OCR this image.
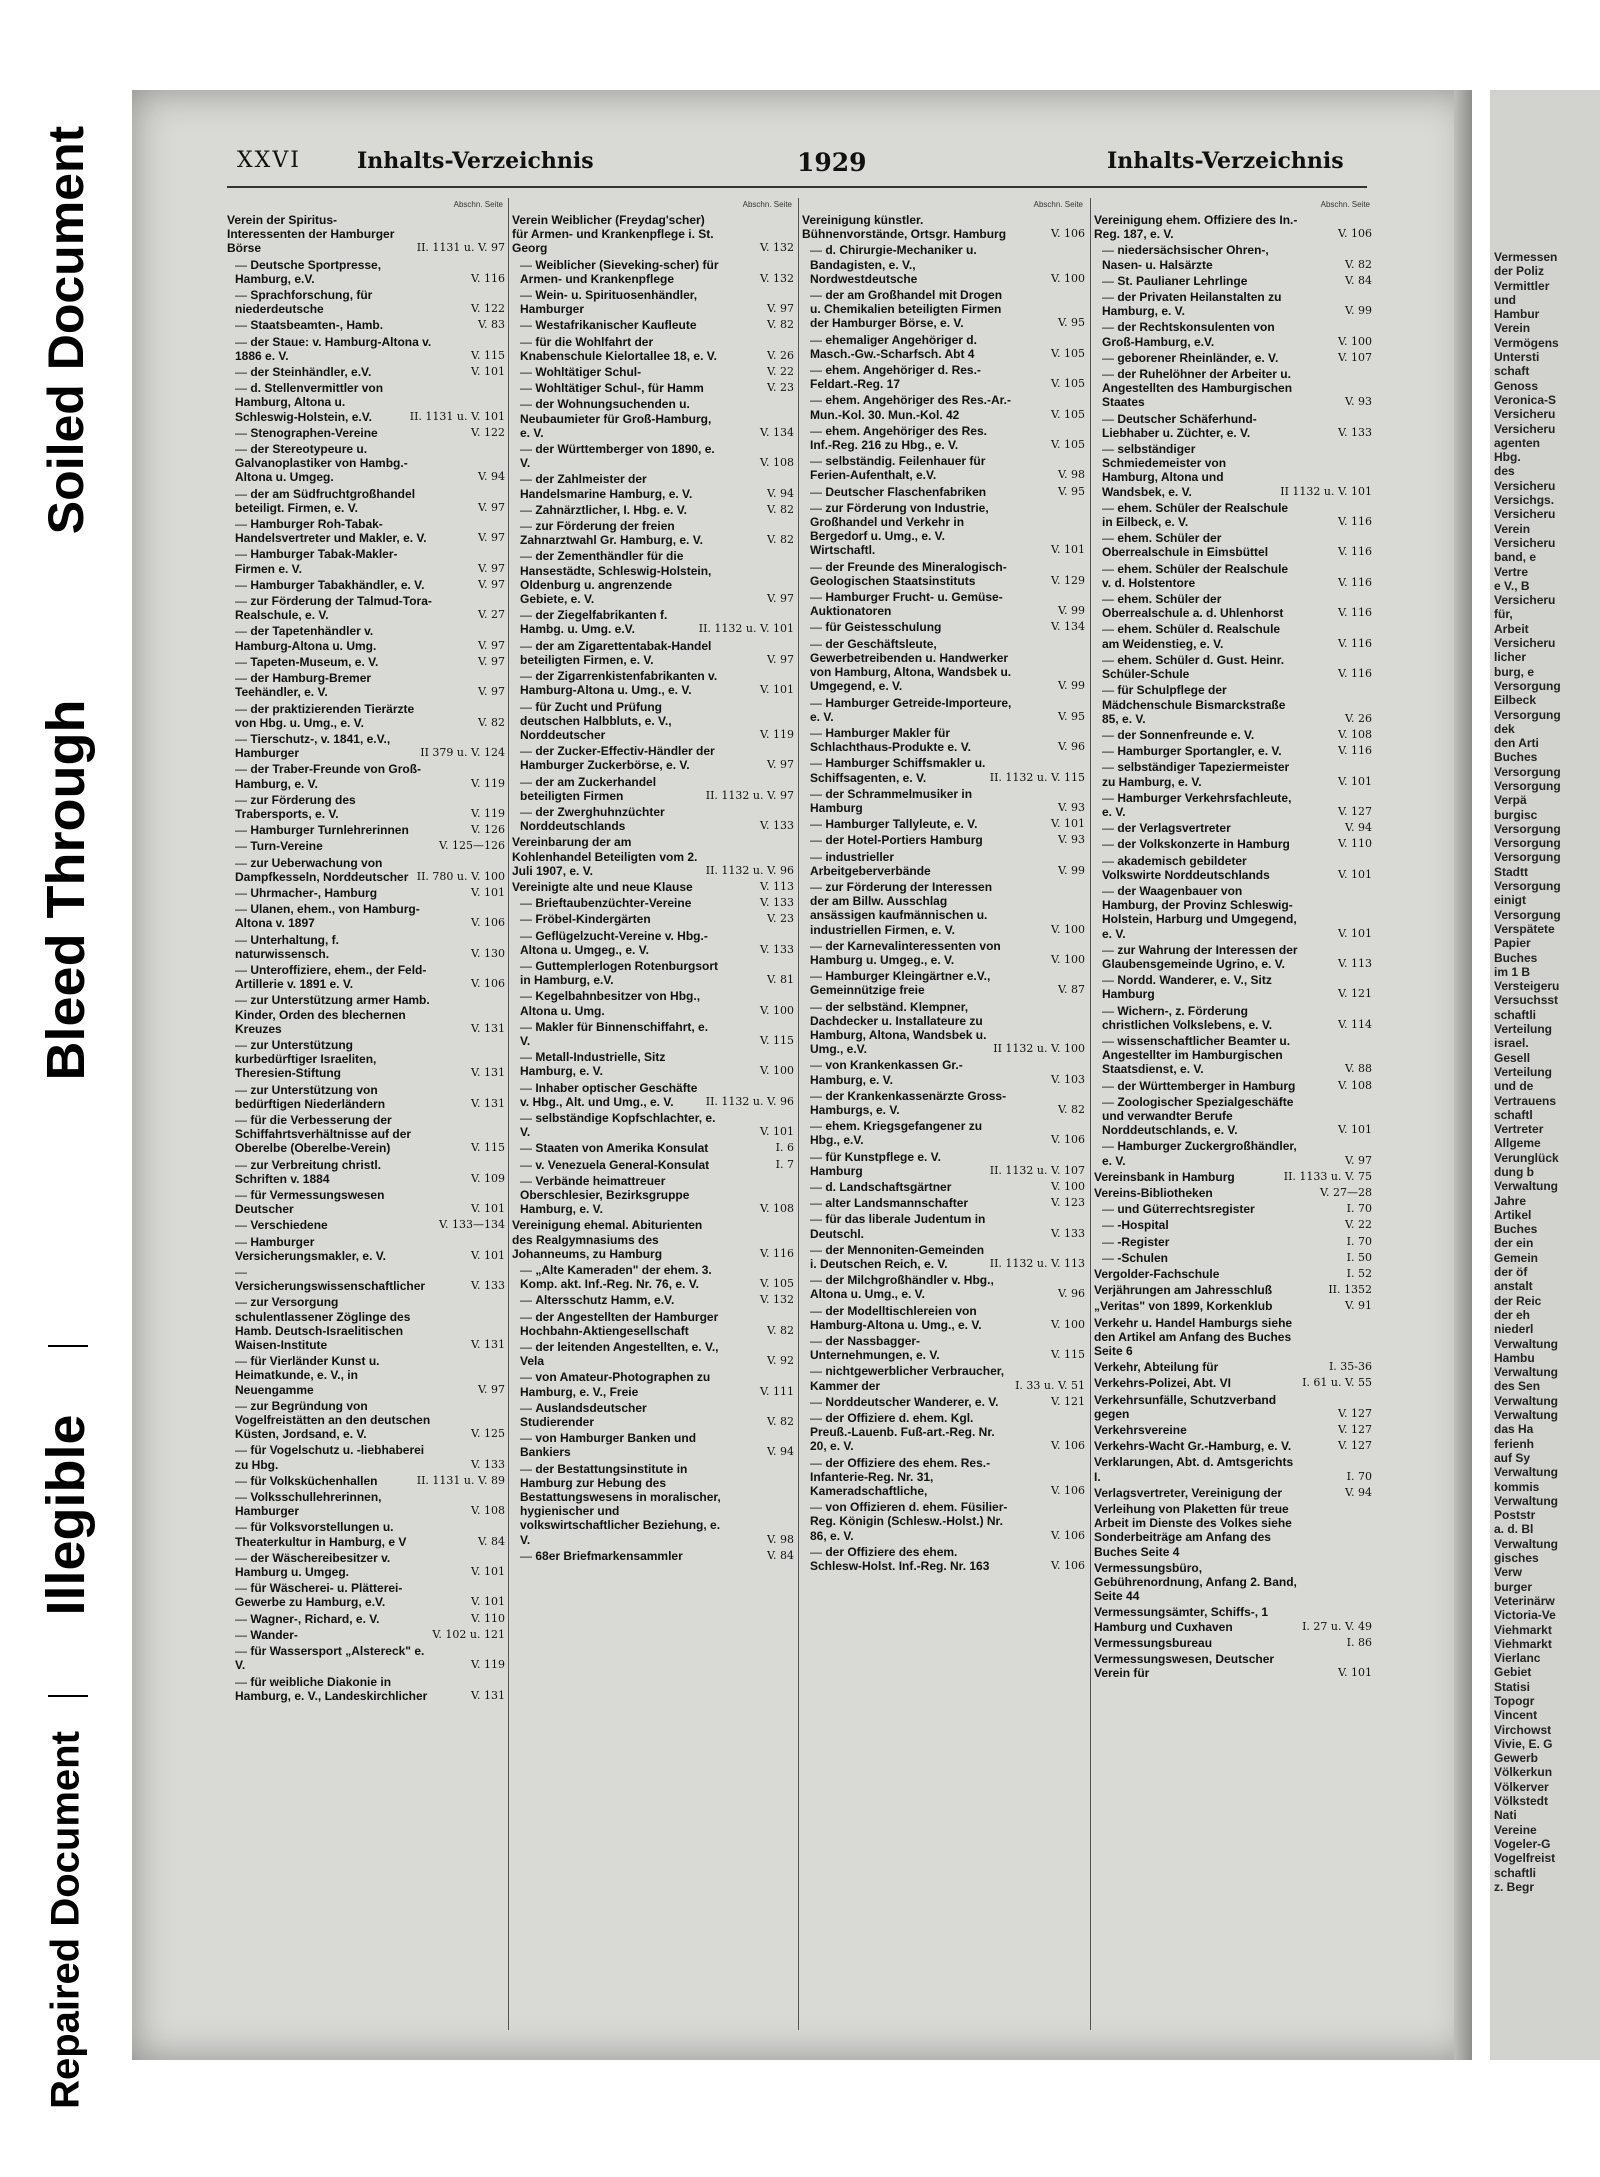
Repaired Document
Illegible
Bleed Through
Soiled Document	XXVI	Inhalts-Verzeichnis	1929	Inhalts-Verzeichnis
Abschn. Seite
Verein der Spiritus-Interessenten der Hamburger Börse	II. 1131 u. V. 97
— Deutsche Sportpresse, Hamburg, e.V.	V. 116
— Sprachforschung, für niederdeutsche	V. 122
— Staatsbeamten-, Hamb.	V. 83
— der Staue: v. Hamburg-Altona v. 1886 e. V.	V. 115
— der Steinhändler, e.V.	V. 101
— d. Stellenvermittler von Hamburg, Altona u. Schleswig-Holstein, e.V.	II. 1131 u. V. 101
— Stenographen-Vereine	V. 122
— der Stereotypeure u. Galvanoplastiker von Hambg.-Altona u. Umgeg.	V. 94
— der am Südfruchtgroßhandel beteiligt. Firmen, e. V.	V. 97
— Hamburger Roh-Tabak-Handelsvertreter und Makler, e. V.	V. 97
— Hamburger Tabak-Makler-Firmen e. V.	V. 97
— Hamburger Tabakhändler, e. V.	V. 97
— zur Förderung der Talmud-Tora-Realschule, e. V.	V. 27
— der Tapetenhändler v. Hamburg-Altona u. Umg.	V. 97
— Tapeten-Museum, e. V.	V. 97
— der Hamburg-Bremer Teehändler, e. V.	V. 97
— der praktizierenden Tierärzte von Hbg. u. Umg., e. V.	V. 82
— Tierschutz-, v. 1841, e.V., Hamburger	II 379 u. V. 124
— der Traber-Freunde von Groß-Hamburg, e. V.	V. 119
— zur Förderung des Trabersports, e. V.	V. 119
— Hamburger Turnlehrerinnen	V. 126
— Turn-Vereine	V. 125—126
— zur Ueberwachung von Dampfkesseln, Norddeutscher II. 780 u. V. 100
— Uhrmacher-, Hamburg	V. 101
— Ulanen, ehem., von Hamburg-Altona v. 1897	V. 106
— Unterhaltung, f. naturwissensch.	V. 130
— Unteroffiziere, ehem., der Feld-Artillerie v. 1891 e. V.	V. 106
— zur Unterstützung armer Hamb. Kinder, Orden des blechernen Kreuzes	V. 131
— zur Unterstützung kurbedürftiger Israeliten, Theresien-Stiftung	V. 131
— zur Unterstützung von bedürftigen Niederländern	V. 131
— für die Verbesserung der Schiffahrtsverhältnisse auf der Oberelbe (Oberelbe-Verein)	V. 115
— zur Verbreitung christl. Schriften v. 1884	V. 109
— für Vermessungswesen Deutscher	V. 101
— Verschiedene	V. 133—134
— Hamburger Versicherungsmakler, e. V.	V. 101
— Versicherungswissenschaftlicher	V. 133
— zur Versorgung schulentlassener Zöglinge des Hamb. Deutsch-Israelitischen Waisen-Institute	V. 131
— für Vierländer Kunst u. Heimatkunde, e. V., in Neuengamme	V. 97
— zur Begründung von Vogelfreistätten an den deutschen Küsten, Jordsand, e. V.	V. 125
— für Vogelschutz u. -liebhaberei zu Hbg.	V. 133
— für Volksküchenhallen	II. 1131 u. V. 89
— Volksschullehrerinnen, Hamburger	V. 108
— für Volksvorstellungen u. Theaterkultur in Hamburg, e V	V. 84
— der Wäschereibesitzer v. Hamburg u. Umgeg.	V. 101
— für Wäscherei- u. Plätterei-Gewerbe zu Hamburg, e.V.	V. 101
— Wagner-, Richard, e. V.	V. 110
— Wander-	V. 102 u. 121
— für Wassersport „Alstereck" e. V.	V. 119
— für weibliche Diakonie in Hamburg, e. V., Landeskirchlicher	V. 131
Abschn. Seite
Verein Weiblicher (Freydag'scher) für Armen- und Krankenpflege i. St. Georg	V. 132
— Weiblicher (Sieveking-scher) für Armen- und Krankenpflege	V. 132
— Wein- u. Spirituosenhändler, Hamburger	V. 97
— Westafrikanischer Kaufleute	V. 82
— für die Wohlfahrt der Knabenschule Kielortallee 18, e. V.	V. 26
— Wohltätiger Schul-	V. 22
— Wohltätiger Schul-, für Hamm	V. 23
— der Wohnungsuchenden u. Neubaumieter für Groß-Hamburg, e. V.	V. 134
— der Württemberger von 1890, e. V.	V. 108
— der Zahlmeister der Handelsmarine Hamburg, e. V.	V. 94
— Zahnärztlicher, I. Hbg. e. V.	V. 82
— zur Förderung der freien Zahnarztwahl Gr. Hamburg, e. V.	V. 82
— der Zementhändler für die Hansestädte, Schleswig-Holstein, Oldenburg u. angrenzende Gebiete, e. V.	V. 97
— der Ziegelfabrikanten f. Hambg. u. Umg. e.V.	II. 1132 u. V. 101
— der am Zigarettentabak-Handel beteiligten Firmen, e. V.	V. 97
— der Zigarrenkistenfabrikanten v. Hamburg-Altona u. Umg., e. V.	V. 101
— für Zucht und Prüfung deutschen Halbbluts, e. V., Norddeutscher	V. 119
— der Zucker-Effectiv-Händler der Hamburger Zuckerbörse, e. V.	V. 97
— der am Zuckerhandel beteiligten Firmen	II. 1132 u. V. 97
— der Zwerghuhnzüchter Norddeutschlands	V. 133
Vereinbarung der am Kohlenhandel Beteiligten vom 2. Juli 1907, e. V.	II. 1132 u. V. 96
Vereinigte alte und neue Klause	V. 113
— Brieftaubenzüchter-Vereine	V. 133
— Fröbel-Kindergärten	V. 23
— Geflügelzucht-Vereine v. Hbg.-Altona u. Umgeg., e. V.	V. 133
— Guttemplerlogen Rotenburgsort in Hamburg, e.V.	V. 81
— Kegelbahnbesitzer von Hbg., Altona u. Umg.	V. 100
— Makler für Binnenschiffahrt, e. V.	V. 115
— Metall-Industrielle, Sitz Hamburg, e. V.	V. 100
— Inhaber optischer Geschäfte v. Hbg., Alt. und Umg., e. V.	II. 1132 u. V. 96
— selbständige Kopfschlachter, e. V.	V. 101
— Staaten von Amerika Konsulat	I. 6
— v. Venezuela General-Konsulat	I. 7
— Verbände heimattreuer Oberschlesier, Bezirksgruppe Hamburg, e. V.	V. 108
Vereinigung ehemal. Abiturienten des Realgymnasiums des Johanneums, zu Hamburg	V. 116
— „Alte Kameraden" der ehem. 3. Komp. akt. Inf.-Reg. Nr. 76, e. V.	V. 105
— Altersschutz Hamm, e.V.	V. 132
— der Angestellten der Hamburger Hochbahn-Aktiengesellschaft	V. 82
— der leitenden Angestellten, e. V., Vela	V. 92
— von Amateur-Photographen zu Hamburg, e. V., Freie	V. 111
— Auslandsdeutscher Studierender	V. 82
— von Hamburger Banken und Bankiers	V. 94
— der Bestattungsinstitute in Hamburg zur Hebung des Bestattungswesens in moralischer, hygienischer und volkswirtschaftlicher Beziehung, e. V.	V. 98
— 68er Briefmarkensammler	V. 84
Abschn. Seite
Vereinigung künstler. Bühnenvorstände, Ortsgr. Hamburg	V. 106
— d. Chirurgie-Mechaniker u. Bandagisten, e. V., Nordwestdeutsche	V. 100
— der am Großhandel mit Drogen u. Chemikalien beteiligten Firmen der Hamburger Börse, e. V.	V. 95
— ehemaliger Angehöriger d. Masch.-Gw.-Scharfsch. Abt 4	V. 105
— ehem. Angehöriger d. Res.-Feldart.-Reg. 17	V. 105
— ehem. Angehöriger des Res.-Ar.-Mun.-Kol. 30. Mun.-Kol. 42	V. 105
— ehem. Angehöriger des Res. Inf.-Reg. 216 zu Hbg., e. V.	V. 105
— selbständig. Feilenhauer für Ferien-Aufenthalt, e.V.	V. 98
— Deutscher Flaschenfabriken	V. 95
— zur Förderung von Industrie, Großhandel und Verkehr in Bergedorf u. Umg., e. V. Wirtschaftl.	V. 101
— der Freunde des Mineralogisch-Geologischen Staatsinstituts	V. 129
— Hamburger Frucht- u. Gemüse-Auktionatoren	V. 99
— für Geistesschulung	V. 134
— der Geschäftsleute, Gewerbetreibenden u. Handwerker von Hamburg, Altona, Wandsbek u. Umgegend, e. V.	V. 99
— Hamburger Getreide-Importeure, e. V.	V. 95
— Hamburger Makler für Schlachthaus-Produkte e. V.	V. 96
— Hamburger Schiffsmakler u. Schiffsagenten, e. V.	II. 1132 u. V. 115
— der Schrammelmusiker in Hamburg	V. 93
— Hamburger Tallyleute, e. V.	V. 101
— der Hotel-Portiers Hamburg	V. 93
— industrieller Arbeitgeberverbände	V. 99
— zur Förderung der Interessen der am Billw. Ausschlag ansässigen kaufmännischen u. industriellen Firmen, e. V.	V. 100
— der Karnevalinteressenten von Hamburg u. Umgeg., e. V.	V. 100
— Hamburger Kleingärtner e.V., Gemeinnützige freie	V. 87
— der selbständ. Klempner, Dachdecker u. Installateure zu Hamburg, Altona, Wandsbek u. Umg., e.V.	II 1132 u. V. 100
— von Krankenkassen Gr.-Hamburg, e. V.	V. 103
— der Krankenkassenärzte Gross-Hamburgs, e. V.	V. 82
— ehem. Kriegsgefangener zu Hbg., e.V.	V. 106
— für Kunstpflege e. V. Hamburg	II. 1132 u. V. 107
— d. Landschaftsgärtner	V. 100
— alter Landsmannschafter	V. 123
— für das liberale Judentum in Deutschl.	V. 133
— der Mennoniten-Gemeinden i. Deutschen Reich, e. V.	II. 1132 u. V. 113
— der Milchgroßhändler v. Hbg., Altona u. Umg., e. V.	V. 96
— der Modelltischlereien von Hamburg-Altona u. Umg., e. V.	V. 100
— der Nassbagger-Unternehmungen, e. V.	V. 115
— nichtgewerblicher Verbraucher, Kammer der	I. 33 u. V. 51
— Norddeutscher Wanderer, e. V.	V. 121
— der Offiziere d. ehem. Kgl. Preuß.-Lauenb. Fuß-art.-Reg. Nr. 20, e. V.	V. 106
— der Offiziere des ehem. Res.-Infanterie-Reg. Nr. 31, Kameradschaftliche,	V. 106
— von Offizieren d. ehem. Füsilier-Reg. Königin (Schlesw.-Holst.) Nr. 86, e. V.	V. 106
— der Offiziere des ehem. Schlesw-Holst. Inf.-Reg. Nr. 163	V. 106
Abschn. Seite
Vereinigung ehem. Offiziere des In.-Reg. 187, e. V.	V. 106
— niedersächsischer Ohren-, Nasen- u. Halsärzte	V. 82
— St. Paulianer Lehrlinge	V. 84
— der Privaten Heilanstalten zu Hamburg, e. V.	V. 99
— der Rechtskonsulenten von Groß-Hamburg, e.V.	V. 100
— geborener Rheinländer, e. V.	V. 107
— der Ruhelöhner der Arbeiter u. Angestellten des Hamburgischen Staates	V. 93
— Deutscher Schäferhund-Liebhaber u. Züchter, e. V.	V. 133
— selbständiger Schmiedemeister von Hamburg, Altona und Wandsbek, e. V.	II 1132 u. V. 101
— ehem. Schüler der Realschule in Eilbeck, e. V.	V. 116
— ehem. Schüler der Oberrealschule in Eimsbüttel	V. 116
— ehem. Schüler der Realschule v. d. Holstentore	V. 116
— ehem. Schüler der Oberrealschule a. d. Uhlenhorst	V. 116
— ehem. Schüler d. Realschule am Weidenstieg, e. V.	V. 116
— ehem. Schüler d. Gust. Heinr. Schüler-Schule	V. 116
— für Schulpflege der Mädchenschule Bismarckstraße 85, e. V.	V. 26
— der Sonnenfreunde e. V.	V. 108
— Hamburger Sportangler, e. V.	V. 116
— selbständiger Tapeziermeister zu Hamburg, e. V.	V. 101
— Hamburger Verkehrsfachleute, e. V.	V. 127
— der Verlagsvertreter	V. 94
— der Volkskonzerte in Hamburg	V. 110
— akademisch gebildeter Volkswirte Norddeutschlands	V. 101
— der Waagenbauer von Hamburg, der Provinz Schleswig-Holstein, Harburg und Umgegend, e. V.	V. 101
— zur Wahrung der Interessen der Glaubensgemeinde Ugrino, e. V.	V. 113
— Nordd. Wanderer, e. V., Sitz Hamburg	V. 121
— Wichern-, z. Förderung christlichen Volkslebens, e. V.	V. 114
— wissenschaftlicher Beamter u. Angestellter im Hamburgischen Staatsdienst, e. V.	V. 88
— der Württemberger in Hamburg	V. 108
— Zoologischer Spezialgeschäfte und verwandter Berufe Norddeutschlands, e. V.	V. 101
— Hamburger Zuckergroßhändler, e. V.	V. 97
Vereinsbank in Hamburg	II. 1133 u. V. 75
Vereins-Bibliotheken	V. 27—28
— und Güterrechtsregister	I. 70
— -Hospital	V. 22
— -Register	I. 70
— -Schulen	I. 50
Vergolder-Fachschule	I. 52
Verjährungen am Jahresschluß	II. 1352
„Veritas" von 1899, Korkenklub	V. 91
Verkehr u. Handel Hamburgs siehe den Artikel am Anfang des Buches Seite 6
Verkehr, Abteilung für	I. 35-36
Verkehrs-Polizei, Abt. VI	I. 61 u. V. 55
Verkehrsunfälle, Schutzverband gegen	V. 127
Verkehrsvereine	V. 127
Verkehrs-Wacht Gr.-Hamburg, e. V.	V. 127
Verklarungen, Abt. d. Amtsgerichts I.	I. 70
Verlagsvertreter, Vereinigung der	V. 94
Verleihung von Plaketten für treue Arbeit im Dienste des Volkes siehe Sonderbeiträge am Anfang des Buches Seite 4
Vermessungsbüro, Gebührenordnung, Anfang 2. Band, Seite 44
Vermessungsämter, Schiffs-, 1 Hamburg und Cuxhaven	I. 27 u. V. 49
Vermessungsbureau	I. 86
Vermessungswesen, Deutscher Verein für	V. 101
Vermessen
der Poliz
Vermittler
und
Hambur
Verein
Vermögens
Untersti
schaft
Genoss
Veronica-S
Versicheru
Versicheru
agenten
Hbg.
des
Versicheru
Versichgs.
Versicheru
Verein
Versicheru
band, e
Vertre
e V., B
Versicheru
für,
Arbeit
Versicheru
licher
burg, e
Versorgung
Eilbeck
Versorgung
dek
den Arti
Buches
Versorgung
Versorgung
Verpä
burgisc
Versorgung
Versorgung
Versorgung
Stadtt
Versorgung
einigt
Versorgung
Verspätete
Papier
Buches
im 1 B
Versteigeru
Versuchsst
schaftli
Verteilung
israel.
Gesell
Verteilung
und de
Vertrauens
schaftl
Vertreter
Allgeme
Verunglück
dung b
Verwaltung
Jahre
Artikel
Buches
der ein
Gemein
der öf
anstalt
der Reic
der eh
niederl
Verwaltung
Hambu
Verwaltung
des Sen
Verwaltung
Verwaltung
das Ha
ferienh
auf Sy
Verwaltung
kommis
Verwaltung
Poststr
a. d. Bl
Verwaltung
gisches
Verw
burger
Veterinärw
Victoria-Ve
Viehmarkt
Viehmarkt
Vierlanc
Gebiet
Statisi
Topogr
Vincent
Virchowst
Vivie, E. G
Gewerb
Völkerkun
Völkerver
Völkstedt
Nati
Vereine
Vogeler-G
Vogelfreist
schaftli
z. Begr
